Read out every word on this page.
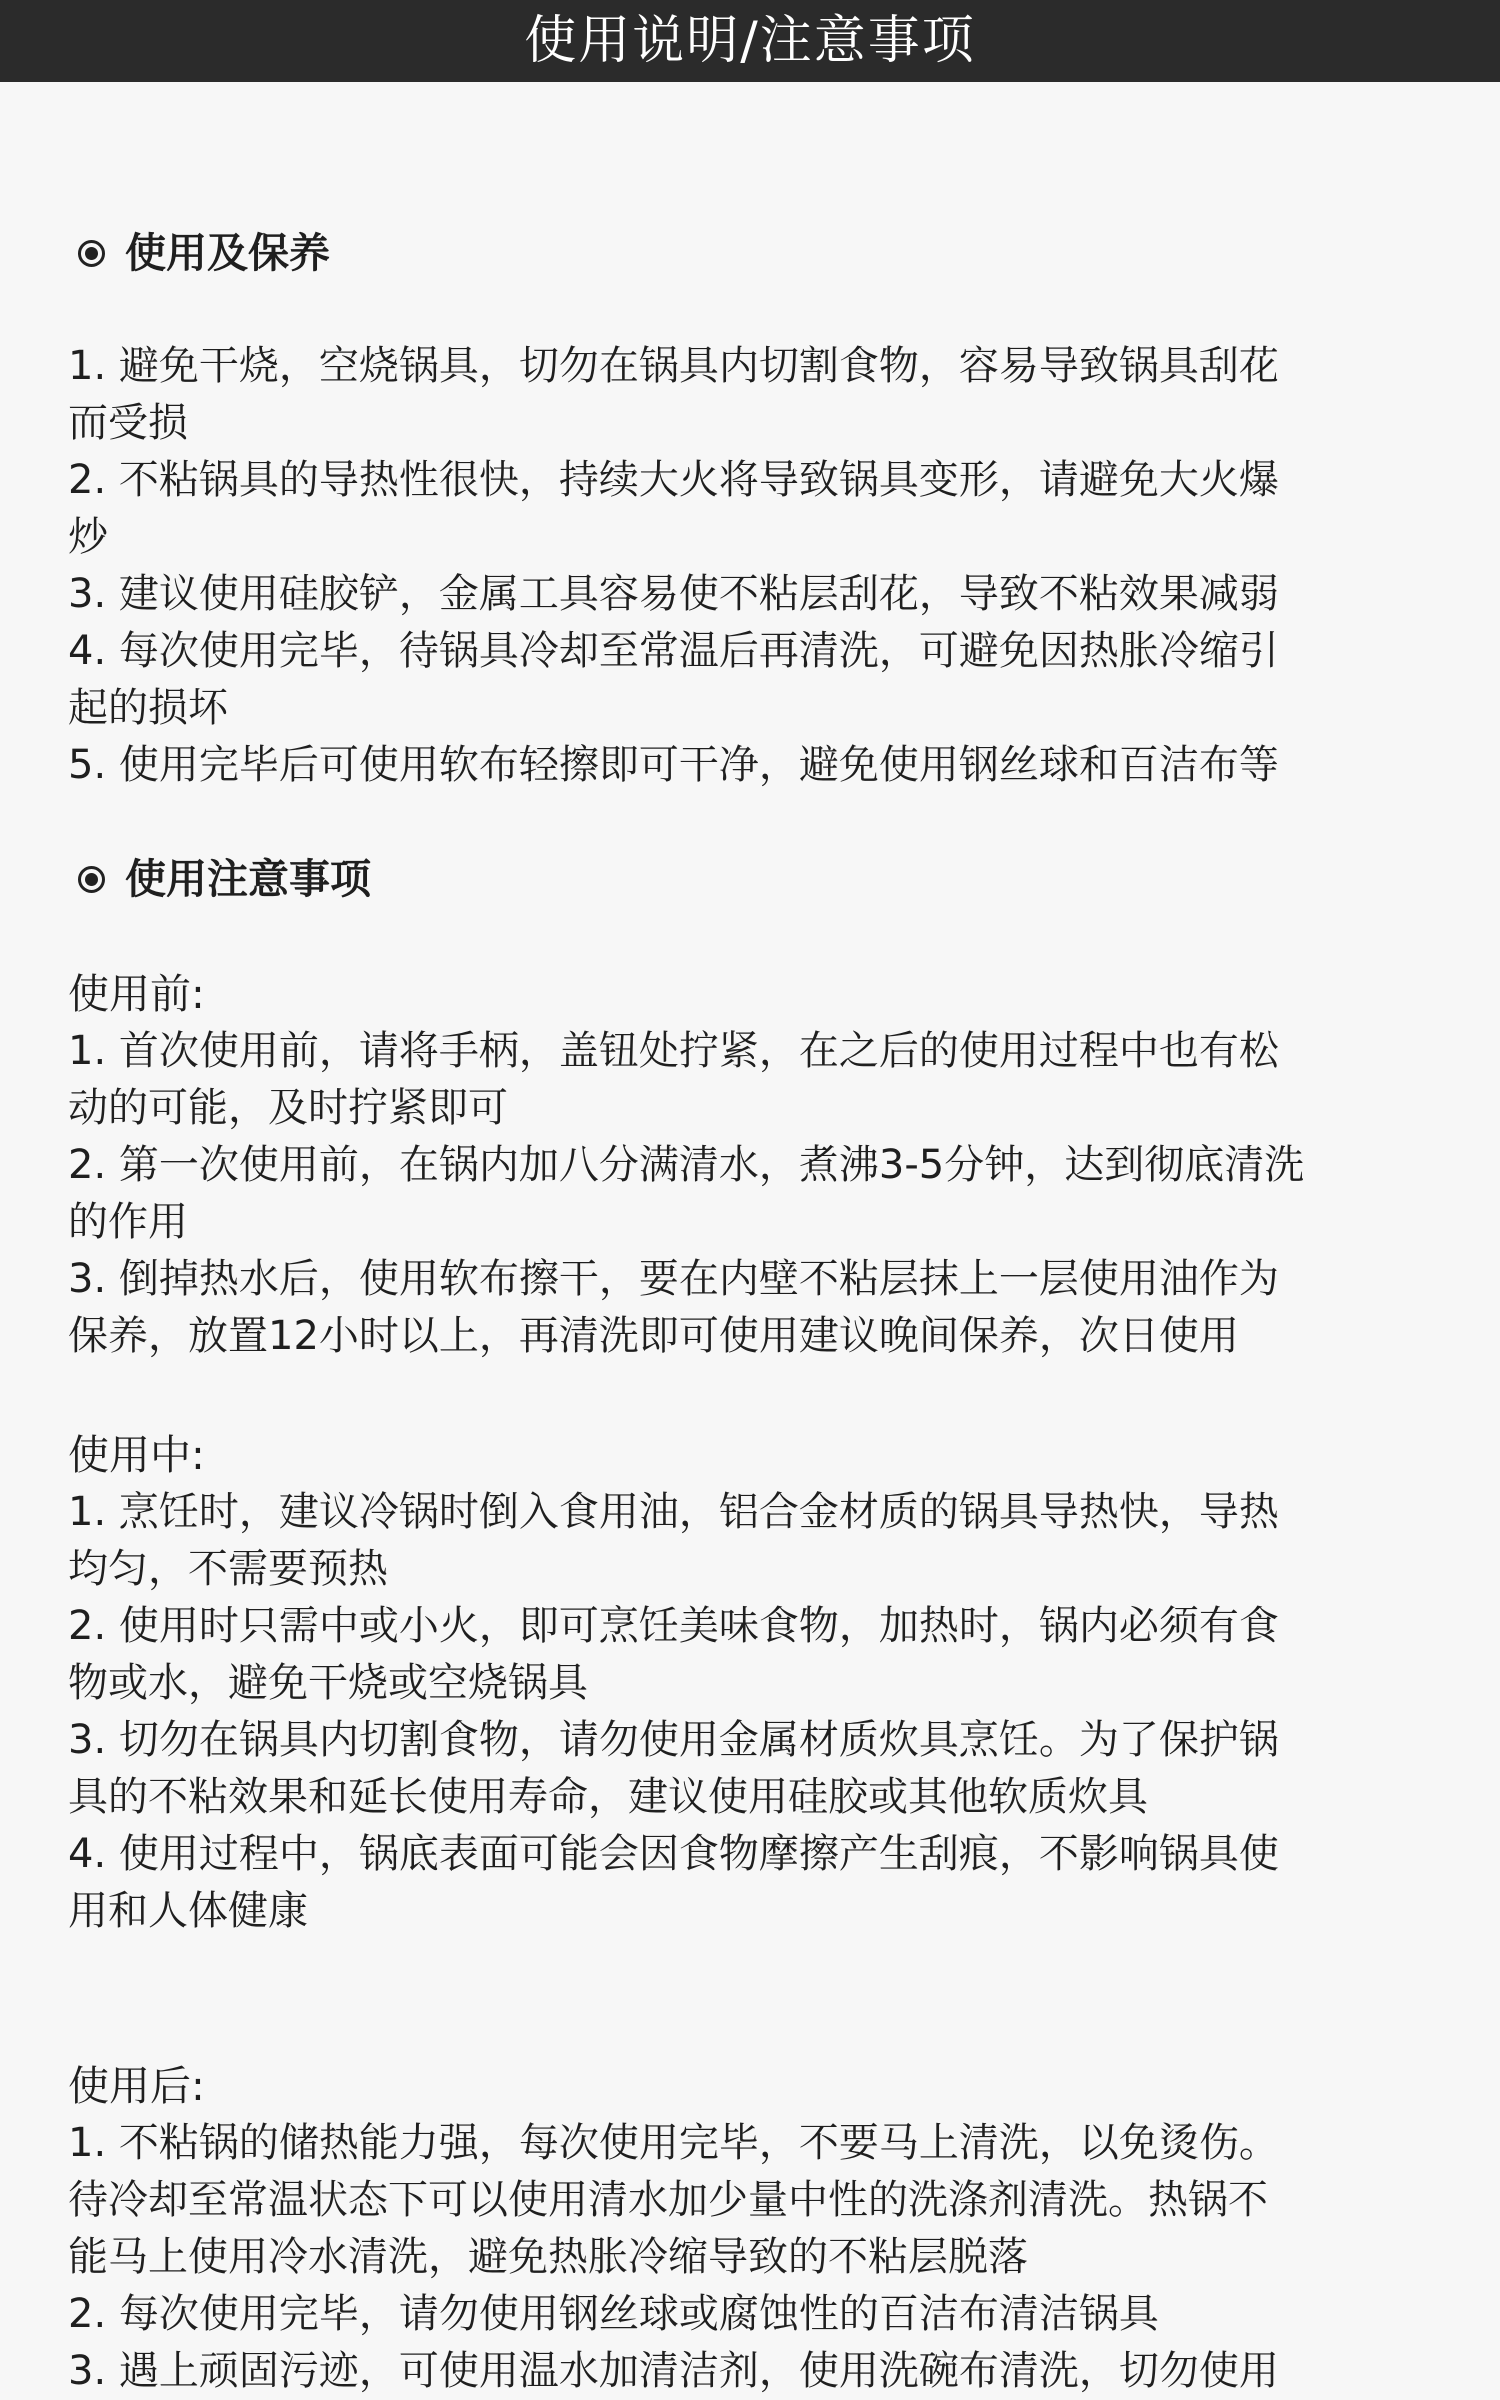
使用说明/注意事项
使用及保养

1. 避免干烧，空烧锅具，切勿在锅具内切割食物，容易导致锅具刮花

而受损

2. 不粘锅具的导热性很快，持续大火将导致锅具变形，请避免大火爆

炒

3. 建议使用硅胶铲，金属工具容易使不粘层刮花，导致不粘效果减弱

4. 每次使用完毕，待锅具冷却至常温后再清洗，可避免因热胀冷缩引

起的损坏

5. 使用完毕后可使用软布轻擦即可干净，避免使用钢丝球和百洁布等

使用注意事项

使用前:

1. 首次使用前，请将手柄，盖钮处拧紧，在之后的使用过程中也有松

动的可能，及时拧紧即可

2. 第一次使用前，在锅内加八分满清水，煮沸3-5分钟，达到彻底清洗

的作用

3. 倒掉热水后，使用软布擦干，要在内壁不粘层抹上一层使用油作为

保养，放置12小时以上，再清洗即可使用建议晚间保养，次日使用

使用中:

1. 烹饪时，建议冷锅时倒入食用油，铝合金材质的锅具导热快，导热

均匀，不需要预热

2. 使用时只需中或小火，即可烹饪美味食物，加热时，锅内必须有食

物或水，避免干烧或空烧锅具

3. 切勿在锅具内切割食物，请勿使用金属材质炊具烹饪。为了保护锅

具的不粘效果和延长使用寿命，建议使用硅胶或其他软质炊具

4. 使用过程中，锅底表面可能会因食物摩擦产生刮痕，不影响锅具使

用和人体健康

使用后:

1. 不粘锅的储热能力强，每次使用完毕，不要马上清洗，以免烫伤。

待冷却至常温状态下可以使用清水加少量中性的洗涤剂清洗。热锅不

能马上使用冷水清洗，避免热胀冷缩导致的不粘层脱落

2. 每次使用完毕，请勿使用钢丝球或腐蚀性的百洁布清洁锅具

3. 遇上顽固污迹，可使用温水加清洁剂，使用洗碗布清洗，切勿使用
